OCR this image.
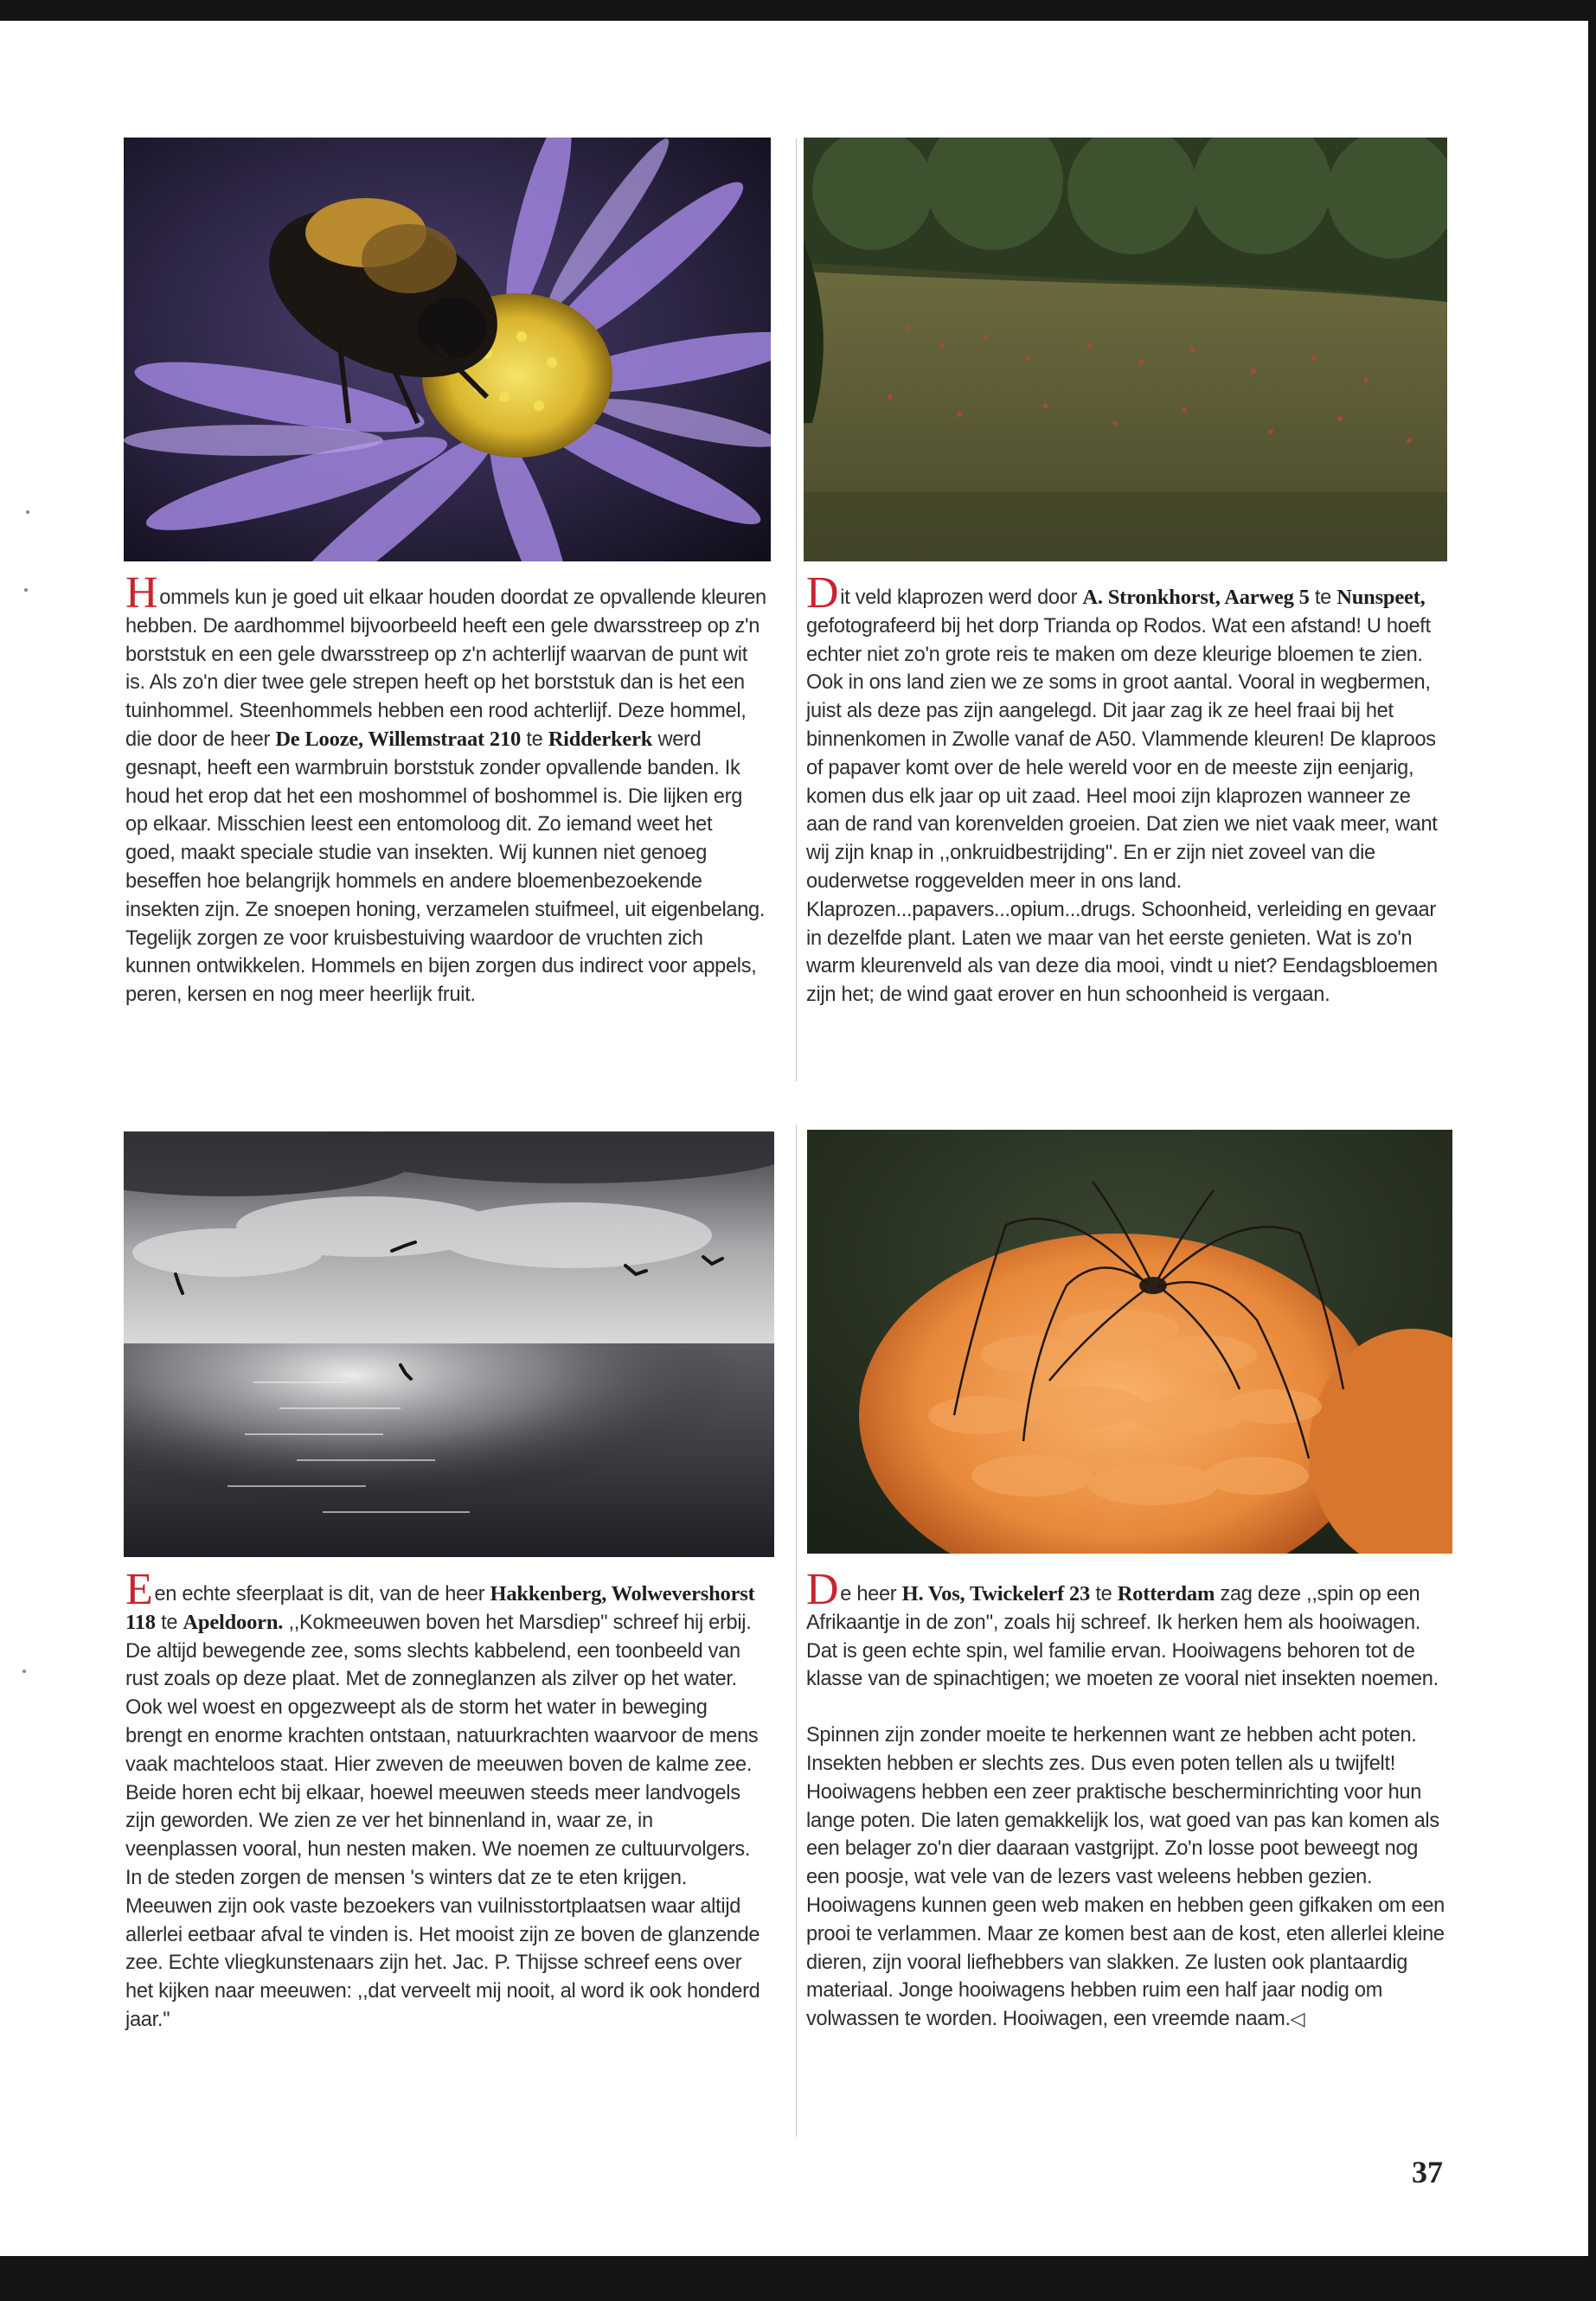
Hommels kun je goed uit elkaar houden doordat ze opvallende kleuren hebben. De aardhommel bijvoorbeeld heeft een gele dwarsstreep op z'n borststuk en een gele dwarsstreep op z'n achterlijf waarvan de punt wit is. Als zo'n dier twee gele strepen heeft op het borststuk dan is het een tuinhommel. Steenhommels hebben een rood achterlijf. Deze hommel, die door de heer De Looze, Willemstraat 210 te Ridderkerk werd gesnapt, heeft een warmbruin borststuk zonder opvallende banden. Ik houd het erop dat het een moshommel of boshommel is. Die lijken erg op elkaar. Misschien leest een entomoloog dit. Zo iemand weet het goed, maakt speciale studie van insekten. Wij kunnen niet genoeg beseffen hoe belangrijk hommels en andere bloemenbezoekende insekten zijn. Ze snoepen honing, verzamelen stuifmeel, uit eigenbelang. Tegelijk zorgen ze voor kruisbestuiving waardoor de vruchten zich kunnen ontwikkelen. Hommels en bijen zorgen dus indirect voor appels, peren, kersen en nog meer heerlijk fruit.

Dit veld klaprozen werd door A. Stronkhorst, Aarweg 5 te Nunspeet, gefotografeerd bij het dorp Trianda op Rodos. Wat een afstand! U hoeft echter niet zo'n grote reis te maken om deze kleurige bloemen te zien. Ook in ons land zien we ze soms in groot aantal. Vooral in wegbermen, juist als deze pas zijn aangelegd. Dit jaar zag ik ze heel fraai bij het binnenkomen in Zwolle vanaf de A50. Vlammende kleuren! De klaproos of papaver komt over de hele wereld voor en de meeste zijn eenjarig, komen dus elk jaar op uit zaad. Heel mooi zijn klaprozen wanneer ze aan de rand van korenvelden groeien. Dat zien we niet vaak meer, want wij zijn knap in ,,onkruidbestrijding''. En er zijn niet zoveel van die ouderwetse roggevelden meer in ons land. Klaprozen...papavers...opium...drugs. Schoonheid, verleiding en gevaar in dezelfde plant. Laten we maar van het eerste genieten. Wat is zo'n warm kleurenveld als van deze dia mooi, vindt u niet? Eendagsbloemen zijn het; de wind gaat erover en hun schoonheid is vergaan.

Een echte sfeerplaat is dit, van de heer Hakkenberg, Wolwevershorst 118 te Apeldoorn. ,,Kokmeeuwen boven het Marsdiep'' schreef hij erbij. De altijd bewegende zee, soms slechts kabbelend, een toonbeeld van rust zoals op deze plaat. Met de zonneglanzen als zilver op het water. Ook wel woest en opgezweept als de storm het water in beweging brengt en enorme krachten ontstaan, natuurkrachten waarvoor de mens vaak machteloos staat. Hier zweven de meeuwen boven de kalme zee. Beide horen echt bij elkaar, hoewel meeuwen steeds meer landvogels zijn geworden. We zien ze ver het binnenland in, waar ze, in veenplassen vooral, hun nesten maken. We noemen ze cultuurvolgers. In de steden zorgen de mensen 's winters dat ze te eten krijgen. Meeuwen zijn ook vaste bezoekers van vuilnisstortplaatsen waar altijd allerlei eetbaar afval te vinden is. Het mooist zijn ze boven de glanzende zee. Echte vliegkunstenaars zijn het. Jac. P. Thijsse schreef eens over het kijken naar meeuwen: ,,dat verveelt mij nooit, al word ik ook honderd jaar.''

De heer H. Vos, Twickelerf 23 te Rotterdam zag deze ,,spin op een Afrikaantje in de zon'', zoals hij schreef. Ik herken hem als hooiwagen. Dat is geen echte spin, wel familie ervan. Hooiwagens behoren tot de klasse van de spinachtigen; we moeten ze vooral niet insekten noemen.

Spinnen zijn zonder moeite te herkennen want ze hebben acht poten. Insekten hebben er slechts zes. Dus even poten tellen als u twijfelt! Hooiwagens hebben een zeer praktische bescherminrichting voor hun lange poten. Die laten gemakkelijk los, wat goed van pas kan komen als een belager zo'n dier daaraan vastgrijpt. Zo'n losse poot beweegt nog een poosje, wat vele van de lezers vast weleens hebben gezien. Hooiwagens kunnen geen web maken en hebben geen gifkaken om een prooi te verlammen. Maar ze komen best aan de kost, eten allerlei kleine dieren, zijn vooral liefhebbers van slakken. Ze lusten ook plantaardig materiaal. Jonge hooiwagens hebben ruim een half jaar nodig om volwassen te worden. Hooiwagen, een vreemde naam.◁

37
